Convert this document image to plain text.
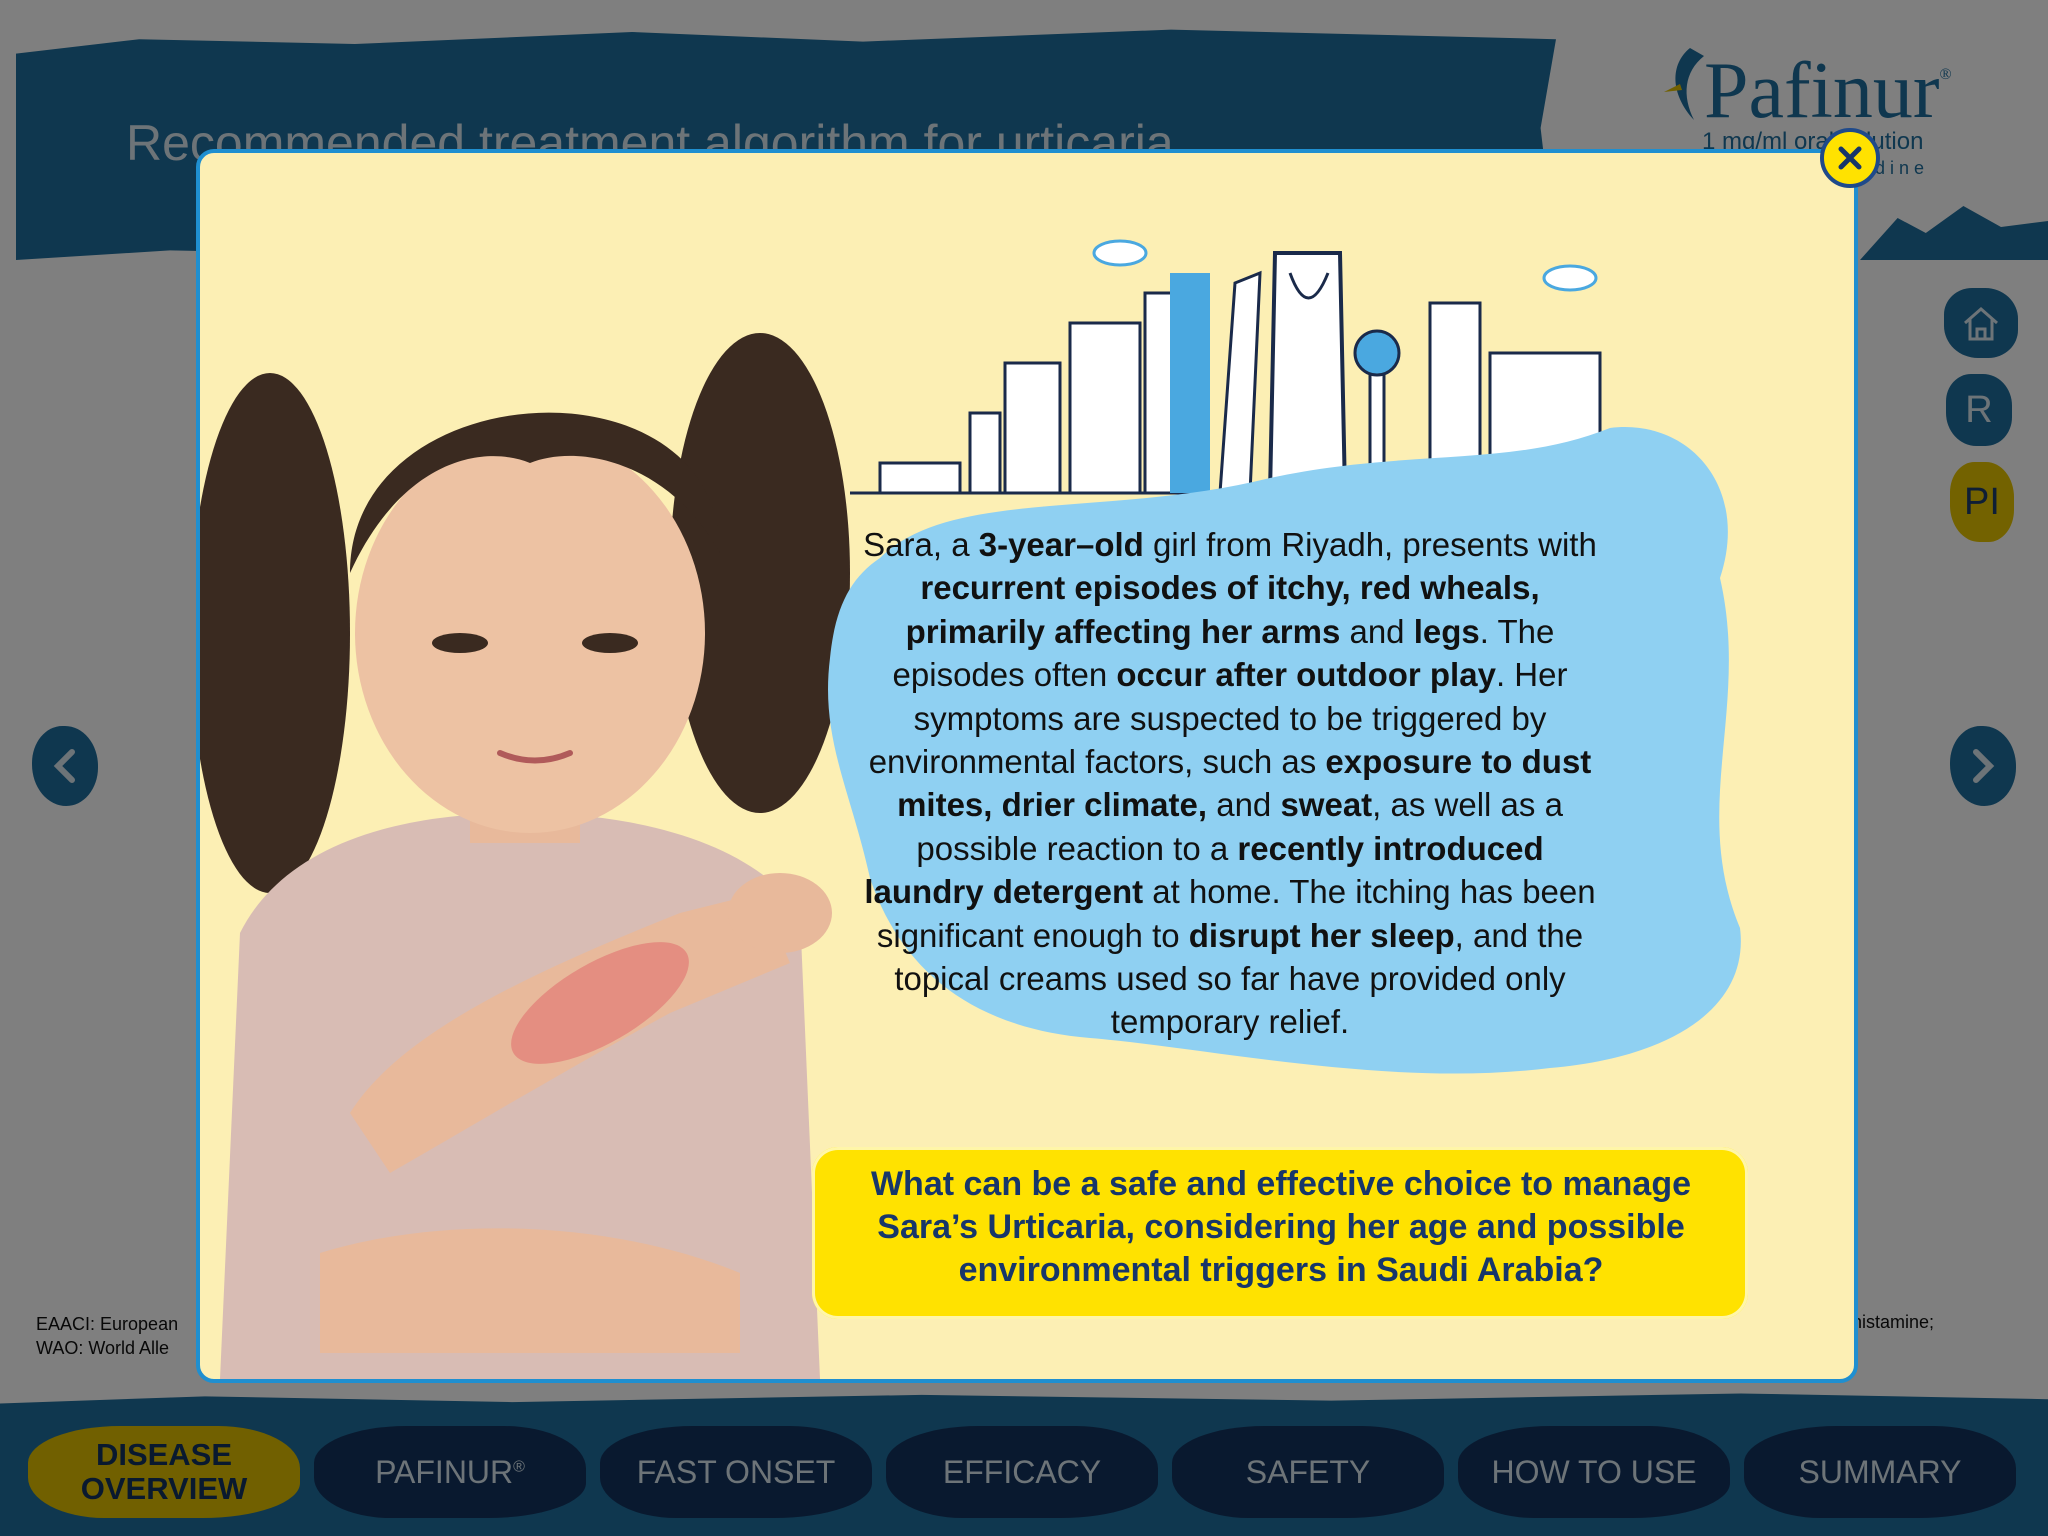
Sara, a 3-year–old girl from Riyadh, presents with recurrent episodes of itchy, red wheals, primarily affecting her arms and legs. The episodes often occur after outdoor play. Her symptoms are suspected to be triggered by environmental factors, such as exposure to dust mites, drier climate, and sweat, as well as a possible reaction to a recently introduced laundry detergent at home. The itching has been significant enough to disrupt her sleep, and the topical creams used so far have provided only temporary relief.
What can be a safe and effective choice to manage Sara’s Urticaria, considering her age and possible environmental triggers in Saudi Arabia?
